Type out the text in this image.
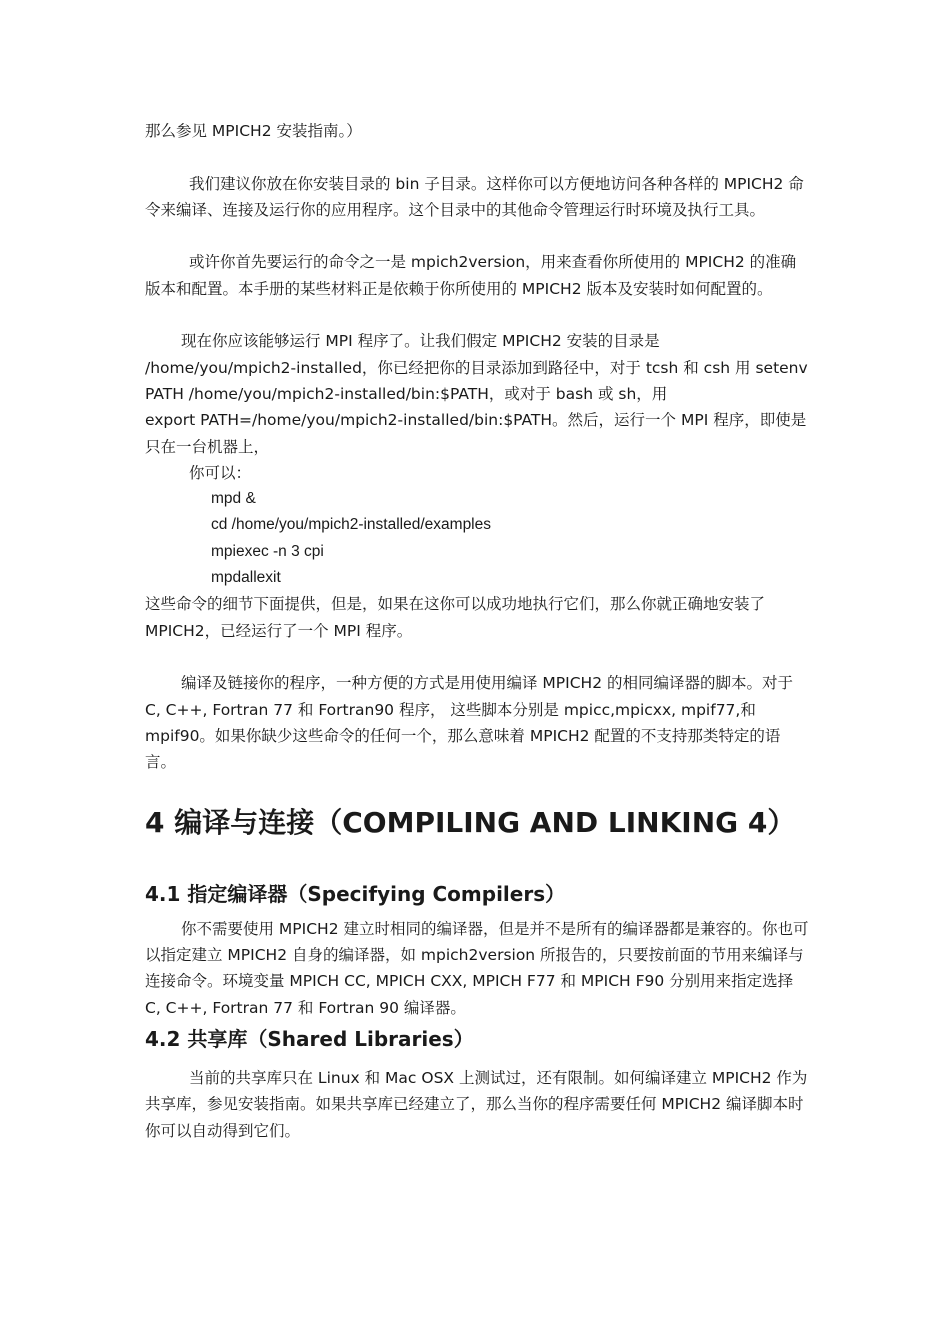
那么参见 MPICH2 安装指南。）

我们建议你放在你安装目录的 bin 子目录。这样你可以方便地访问各种各样的 MPICH2 命令来编译、连接及运行你的应用程序。这个目录中的其他命令管理运行时环境及执行工具。

或许你首先要运行的命令之一是 mpich2version，用来查看你所使用的 MPICH2 的准确版本和配置。本手册的某些材料正是依赖于你所使用的 MPICH2 版本及安装时如何配置的。

现在你应该能够运行 MPI 程序了。让我们假定 MPICH2 安装的目录是

/home/you/mpich2-installed，你已经把你的目录添加到路径中，对于 tcsh 和 csh 用 setenv

PATH /home/you/mpich2-installed/bin:$PATH，或对于 bash 或 sh，用

export PATH=/home/you/mpich2-installed/bin:$PATH。然后，运行一个 MPI 程序，即使是只在一台机器上，

你可以：

mpd &

cd /home/you/mpich2-installed/examples

mpiexec -n 3 cpi

mpdallexit

这些命令的细节下面提供，但是，如果在这你可以成功地执行它们，那么你就正确地安装了 MPICH2，已经运行了一个 MPI 程序。

编译及链接你的程序，一种方便的方式是用使用编译 MPICH2 的相同编译器的脚本。对于 C, C++, Fortran 77 和 Fortran90 程序， 这些脚本分别是 mpicc,mpicxx, mpif77,和 mpif90。如果你缺少这些命令的任何一个，那么意味着 MPICH2 配置的不支持那类特定的语言。

4 编译与连接（COMPILING AND LINKING 4）
4.1 指定编译器（Specifying Compilers）

你不需要使用 MPICH2 建立时相同的编译器，但是并不是所有的编译器都是兼容的。你也可以指定建立 MPICH2 自身的编译器，如 mpich2version 所报告的，只要按前面的节用来编译与连接命令。环境变量 MPICH CC, MPICH CXX, MPICH F77 和 MPICH F90 分别用来指定选择 C, C++, Fortran 77 和 Fortran 90 编译器。

4.2 共享库（Shared Libraries）

当前的共享库只在 Linux 和 Mac OSX 上测试过，还有限制。如何编译建立 MPICH2 作为共享库，参见安装指南。如果共享库已经建立了，那么当你的程序需要任何 MPICH2 编译脚本时你可以自动得到它们。
